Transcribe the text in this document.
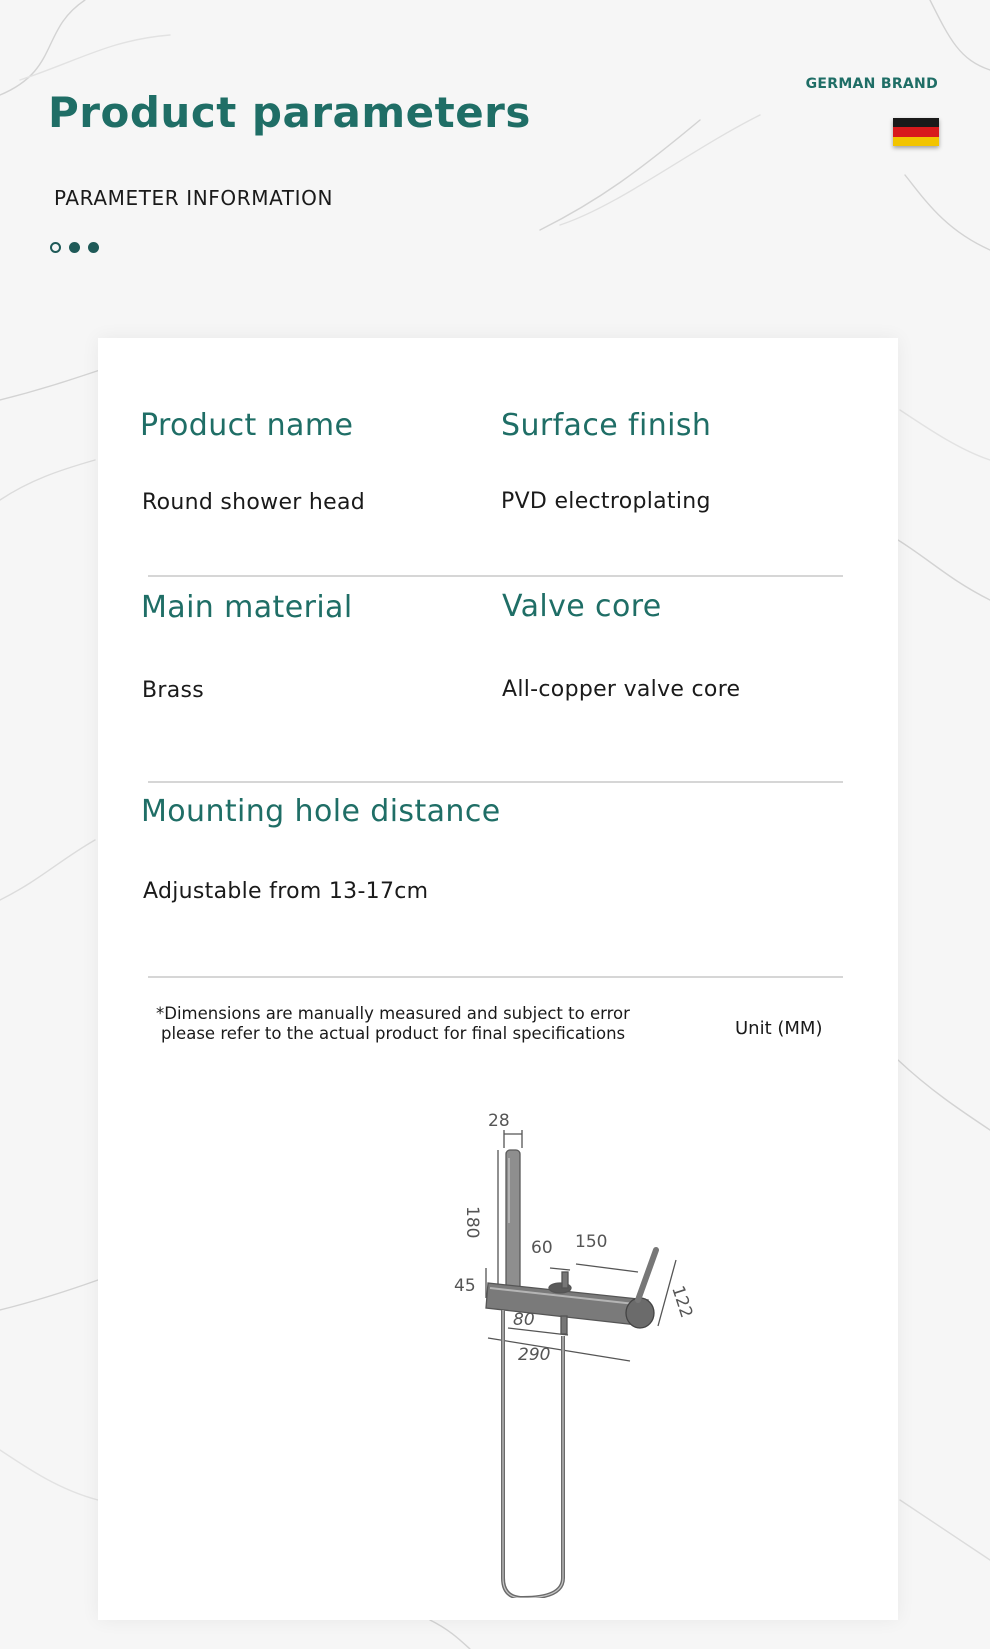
Product parameters
PARAMETER INFORMATION
GERMAN BRAND
Product name
Round shower head
Surface finish
PVD electroplating
Main material
Brass
Valve core
All-copper valve core
Mounting hole distance
Adjustable from 13-17cm
*Dimensions are manually measured and subject to error
please refer to the actual product for final specifications	Unit (MM)
28
180
45
60 150
122
80
290
